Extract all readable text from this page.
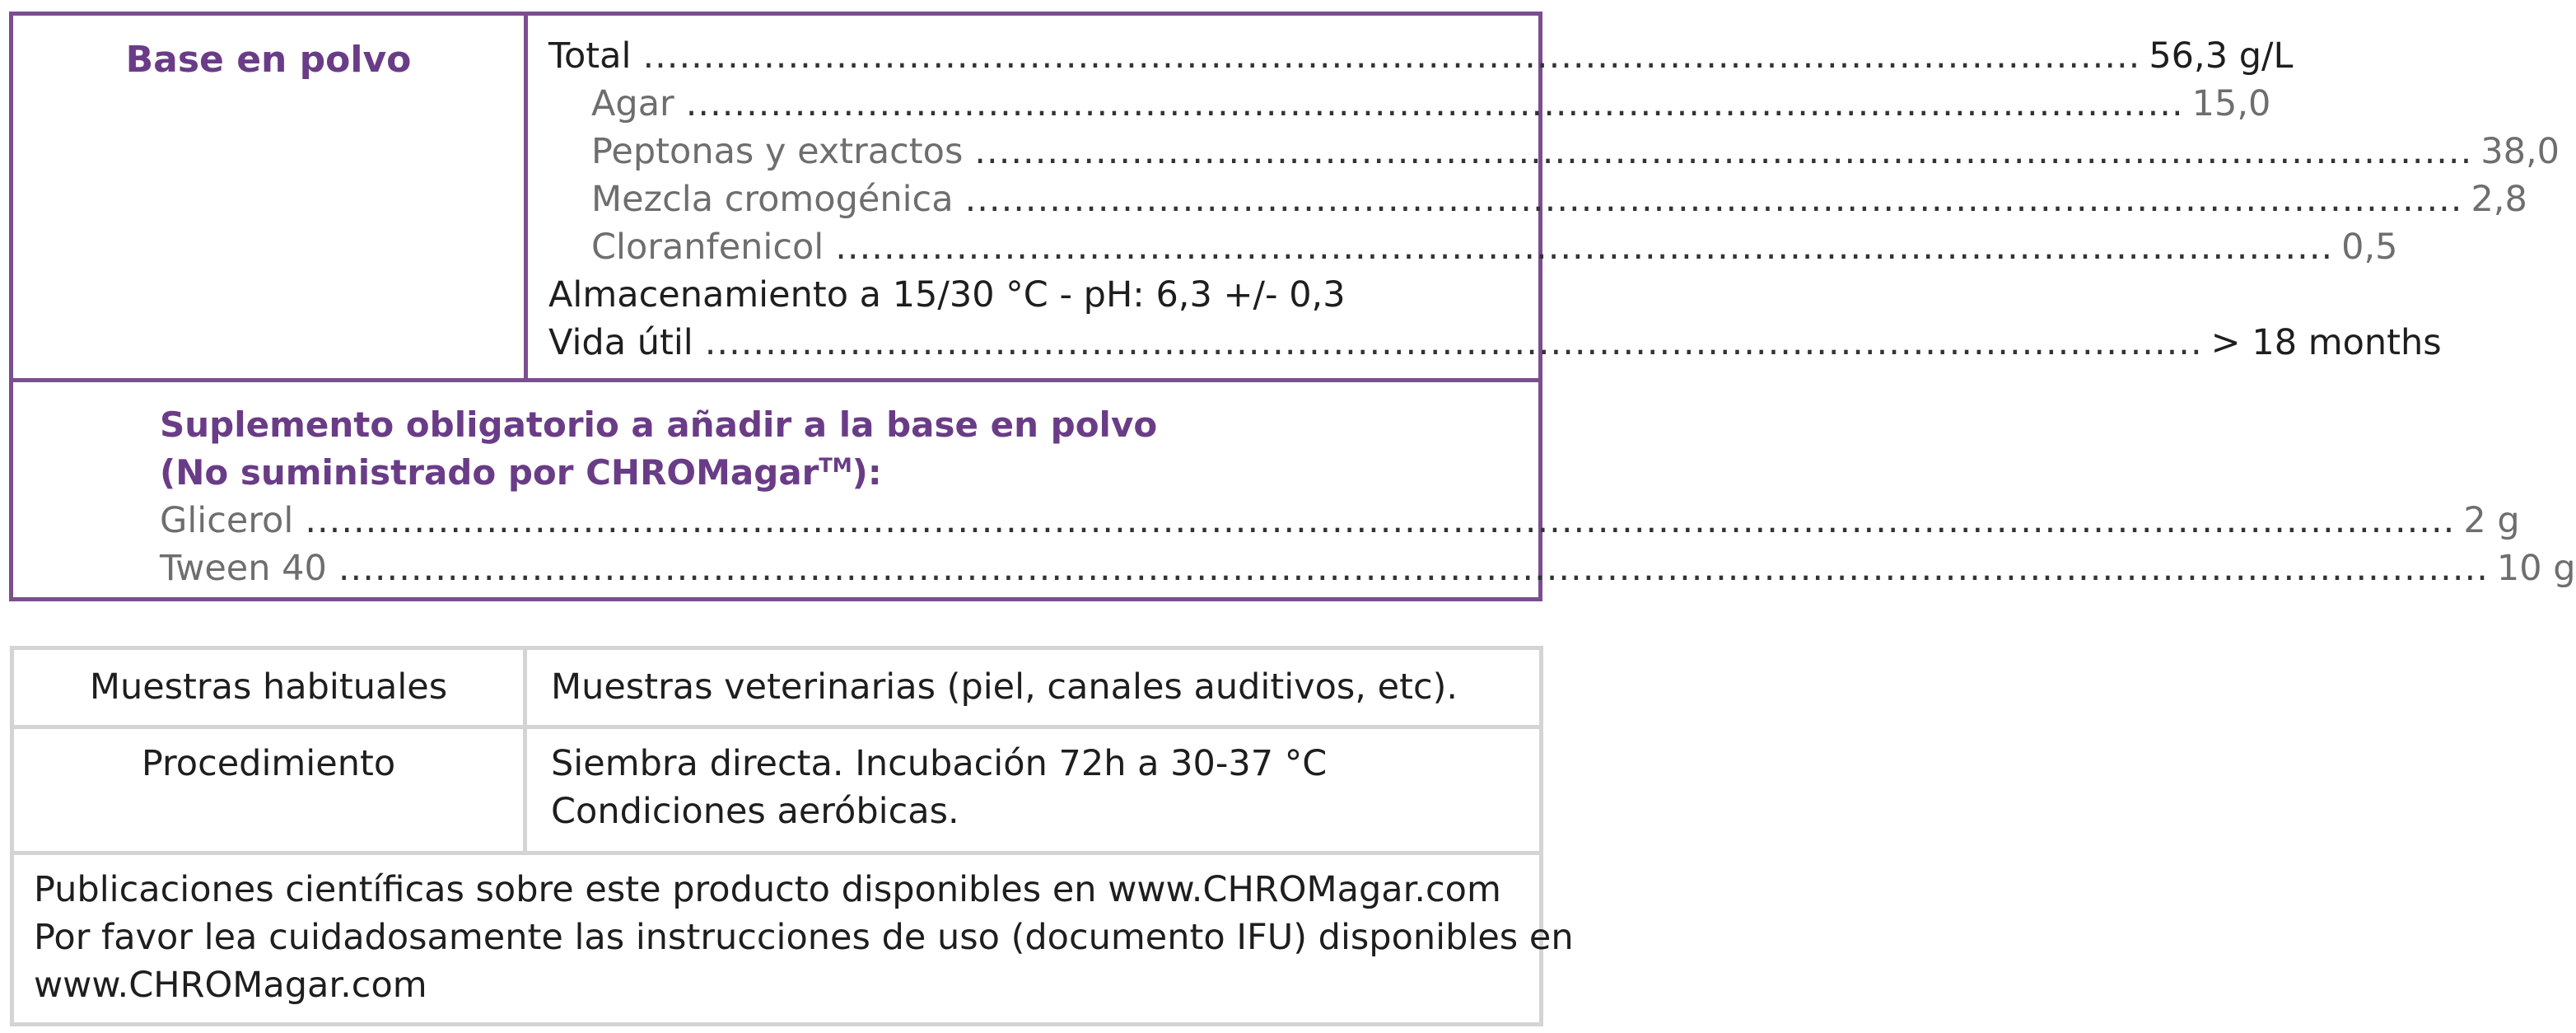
Base en polvo	Total ............................................................................................................................ 56,3 g/L
Agar ............................................................................................................................ 15,0
Peptonas y extractos ............................................................................................................................ 38,0
Mezcla cromogénica ............................................................................................................................ 2,8
Cloranfenicol ............................................................................................................................ 0,5
Almacenamiento a 15/30 °C - pH: 6,3 +/- 0,3
Vida útil ............................................................................................................................ > 18 months
Suplemento obligatorio a añadir a la base en polvo
(No suministrado por CHROMagar™):
Glicerol .................................................................................................................................................................................. 2 g
Tween 40 .................................................................................................................................................................................. 10 g
Muestras habituales	Muestras veterinarias (piel, canales auditivos, etc).
Procedimiento	Siembra directa. Incubación 72h a 30-37 °C
Condiciones aeróbicas.
Publicaciones científicas sobre este producto disponibles en www.CHROMagar.com
Por favor lea cuidadosamente las instrucciones de uso (documento IFU) disponibles en
www.CHROMagar.com
